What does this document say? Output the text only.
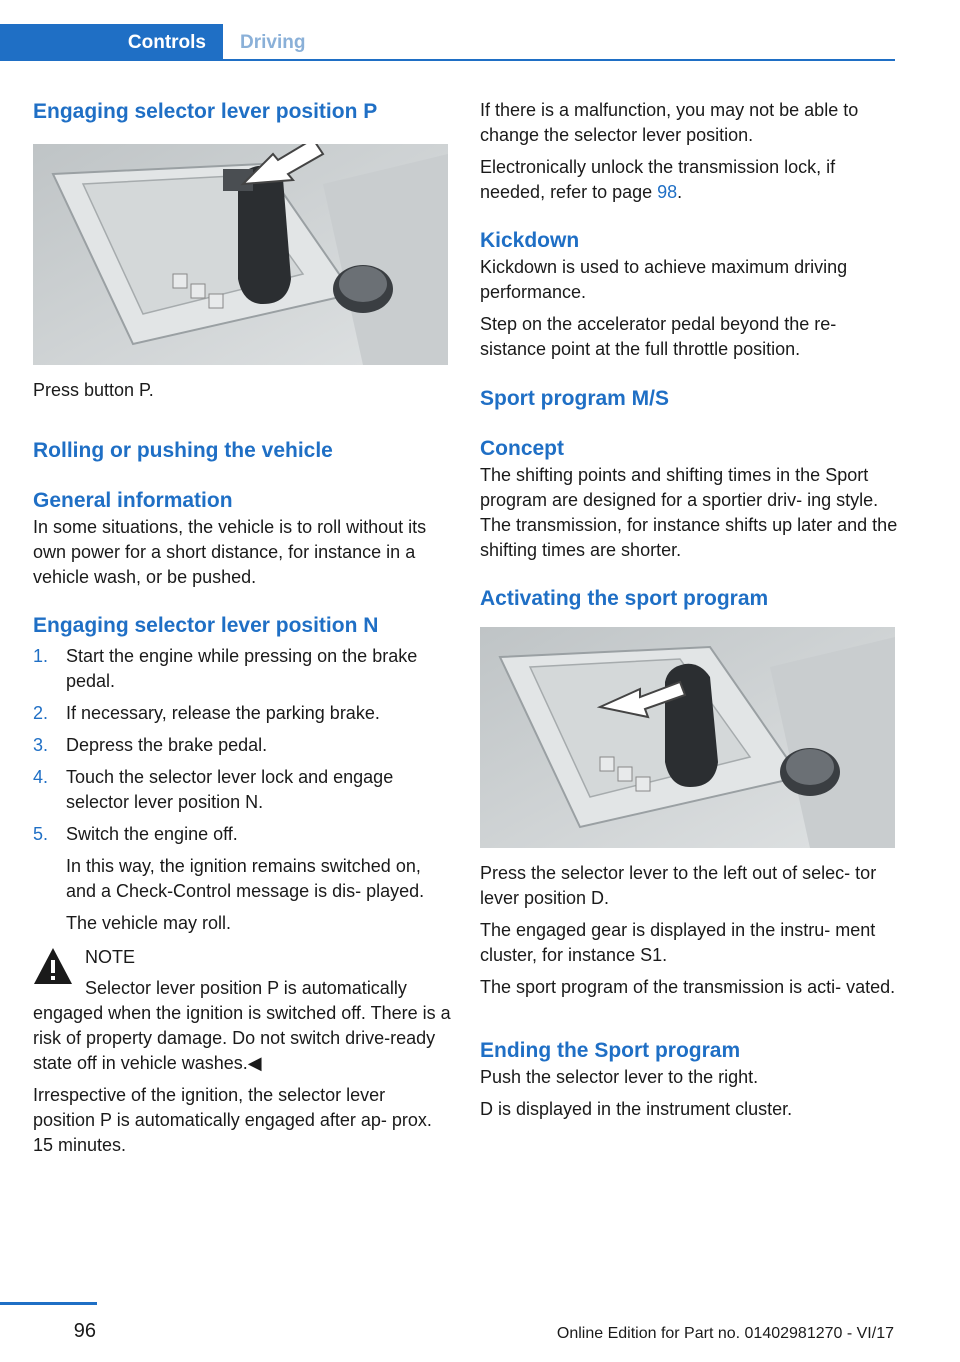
Controls	Driving
Engaging selector lever position P

Press button P.

Rolling or pushing the vehicle
General information

In some situations, the vehicle is to roll without its own power for a short distance, for instance in a vehicle wash, or be pushed.

Engaging selector lever position N
1. Start the engine while pressing on the brake pedal.
2. If necessary, release the parking brake.
3. Depress the brake pedal.
4. Touch the selector lever lock and engage selector lever position N.
5. Switch the engine off.
In this way, the ignition remains switched on, and a Check-Control message is dis‐ played.
The vehicle may roll.

NOTE

Selector lever position P is automatically

engaged when the ignition is switched off. There is a risk of property damage. Do not switch drive-ready state off in vehicle washes.◀

Irrespective of the ignition, the selector lever position P is automatically engaged after ap‐ prox. 15 minutes.

If there is a malfunction, you may not be able to change the selector lever position.

Electronically unlock the transmission lock, if needed, refer to page 98.

Kickdown

Kickdown is used to achieve maximum driving performance.

Step on the accelerator pedal beyond the re‐ sistance point at the full throttle position.

Sport program M/S
Concept

The shifting points and shifting times in the Sport program are designed for a sportier driv‐ ing style. The transmission, for instance shifts up later and the shifting times are shorter.

Activating the sport program

Press the selector lever to the left out of selec‐ tor lever position D.

The engaged gear is displayed in the instru‐ ment cluster, for instance S1.

The sport program of the transmission is acti‐ vated.

Ending the Sport program

Push the selector lever to the right.

D is displayed in the instrument cluster.

96	Online Edition for Part no. 01402981270 - VI/17
